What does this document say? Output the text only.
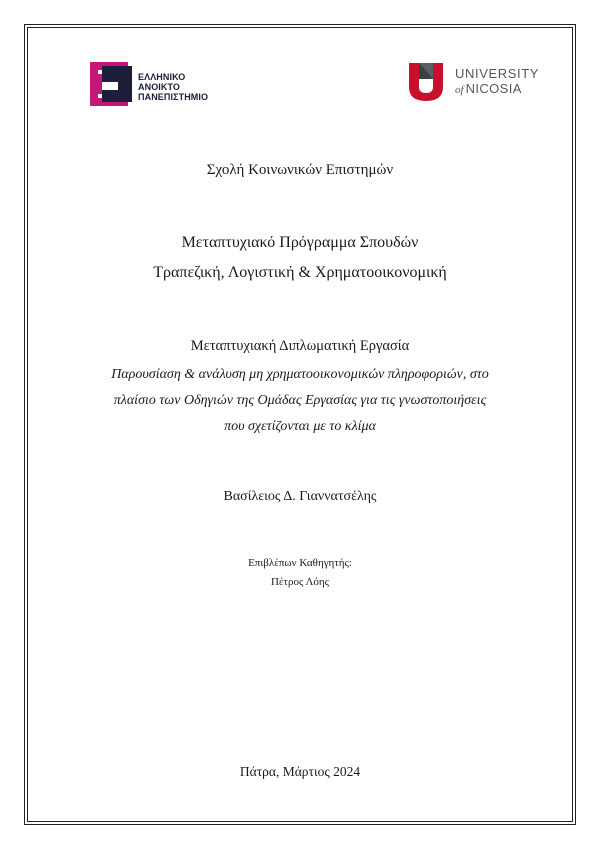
ΕΛΛΗΝΙΚΟ
ΑΝΟΙΚΤΟ
ΠΑΝΕΠΙΣΤΗΜΙΟ
UNIVERSITY
of NICOSIA
Σχολή Κοινωνικών Επιστημών
Μεταπτυχιακό Πρόγραμμα Σπουδών
Τραπεζική, Λογιστική & Χρηματοοικονομική
Μεταπτυχιακή Διπλωματική Εργασία
Παρουσίαση & ανάλυση μη χρηματοοικονομικών πληροφοριών, στο
πλαίσιο των Οδηγιών της Ομάδας Εργασίας για τις γνωστοποιήσεις
που σχετίζονται με το κλίμα
Βασίλειος Δ. Γιαννατσέλης
Επιβλέπων Καθηγητής:
Πέτρος Λόης
Πάτρα, Μάρτιος 2024
